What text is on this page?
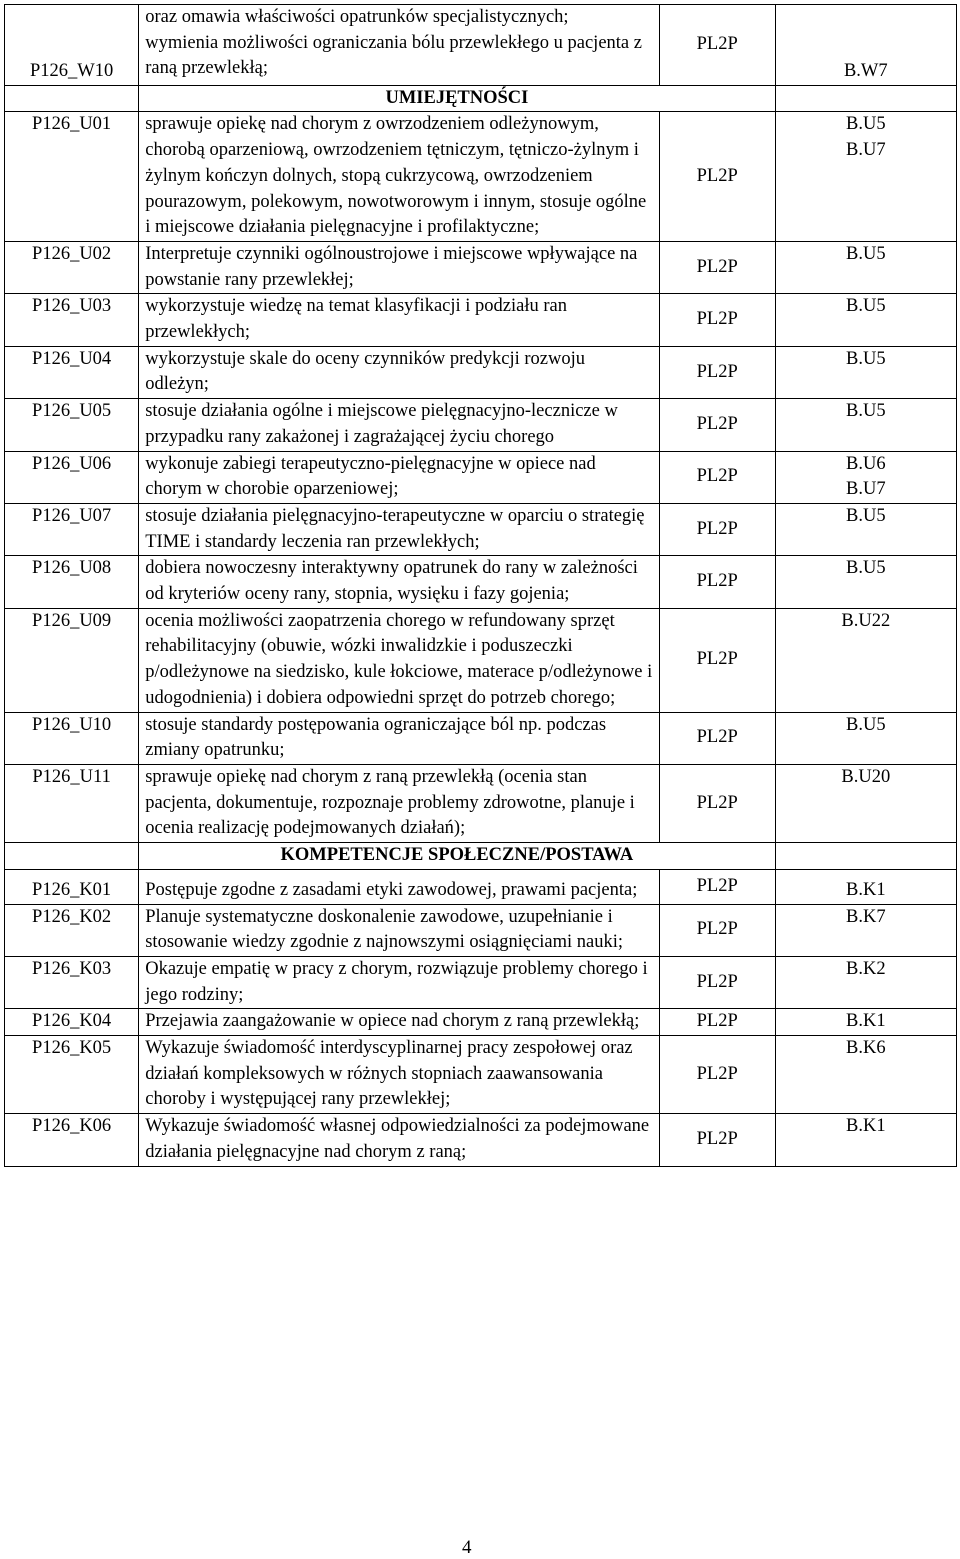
P126_W10	oraz omawia właściwości opatrunków specjalistycznych;
wymienia możliwości ograniczania bólu przewlekłego u pacjenta z raną przewlekłą;	PL2P	B.W7

	UMIEJĘTNOŚCI		
P126_U01	sprawuje opiekę nad chorym z owrzodzeniem odleżynowym, chorobą oparzeniową, owrzodzeniem tętniczym, tętniczo-żylnym i żylnym kończyn dolnych, stopą cukrzycową, owrzodzeniem pourazowym, polekowym, nowotworowym i innym, stosuje ogólne i miejscowe działania pielęgnacyjne i profilaktyczne;	PL2P	B.U5
B.U7

P126_U02	Interpretuje czynniki ogólnoustrojowe i miejscowe wpływające na powstanie rany przewlekłej;	PL2P	B.U5

P126_U03	wykorzystuje wiedzę na temat klasyfikacji i podziału ran przewlekłych;	PL2P	B.U5

P126_U04	wykorzystuje skale do oceny czynników predykcji rozwoju odleżyn;	PL2P	B.U5

P126_U05	stosuje działania ogólne i miejscowe pielęgnacyjno-lecznicze w przypadku rany zakażonej i zagrażającej życiu chorego	PL2P	B.U5

P126_U06	wykonuje zabiegi terapeutyczno-pielęgnacyjne w opiece nad chorym w chorobie oparzeniowej;	PL2P	B.U6
B.U7

P126_U07	stosuje działania pielęgnacyjno-terapeutyczne w oparciu o strategię TIME i standardy leczenia ran przewlekłych;	PL2P	B.U5

P126_U08	dobiera nowoczesny interaktywny opatrunek do rany w zależności od kryteriów oceny rany, stopnia, wysięku i fazy gojenia;	PL2P	B.U5

P126_U09	ocenia możliwości zaopatrzenia chorego w refundowany sprzęt rehabilitacyjny (obuwie, wózki inwalidzkie i poduszeczki p/odleżynowe na siedzisko, kule łokciowe, materace p/odleżynowe i udogodnienia) i dobiera odpowiedni sprzęt do potrzeb chorego;	PL2P	B.U22

P126_U10	stosuje standardy postępowania ograniczające ból np. podczas zmiany opatrunku;	PL2P	B.U5

P126_U11	sprawuje opiekę nad chorym z raną przewlekłą (ocenia stan pacjenta, dokumentuje, rozpoznaje problemy zdrowotne, planuje i ocenia realizację podejmowanych działań);	PL2P	B.U20

	KOMPETENCJE SPOŁECZNE/POSTAWA		
P126_K01	Postępuje zgodne z zasadami etyki zawodowej, prawami pacjenta;	PL2P	B.K1

P126_K02	Planuje systematyczne doskonalenie zawodowe, uzupełnianie i stosowanie wiedzy zgodnie z najnowszymi osiągnięciami nauki;	PL2P	B.K7

P126_K03	Okazuje empatię w pracy z chorym, rozwiązuje problemy chorego i jego rodziny;	PL2P	B.K2

P126_K04	Przejawia zaangażowanie w opiece nad chorym z raną przewlekłą;	PL2P	B.K1

P126_K05	Wykazuje świadomość interdyscyplinarnej pracy zespołowej oraz działań kompleksowych w różnych stopniach zaawansowania choroby i występującej rany przewlekłej;	PL2P	B.K6

P126_K06	Wykazuje świadomość własnej odpowiedzialności za podejmowane działania pielęgnacyjne nad chorym z raną;	PL2P	B.K1
4
